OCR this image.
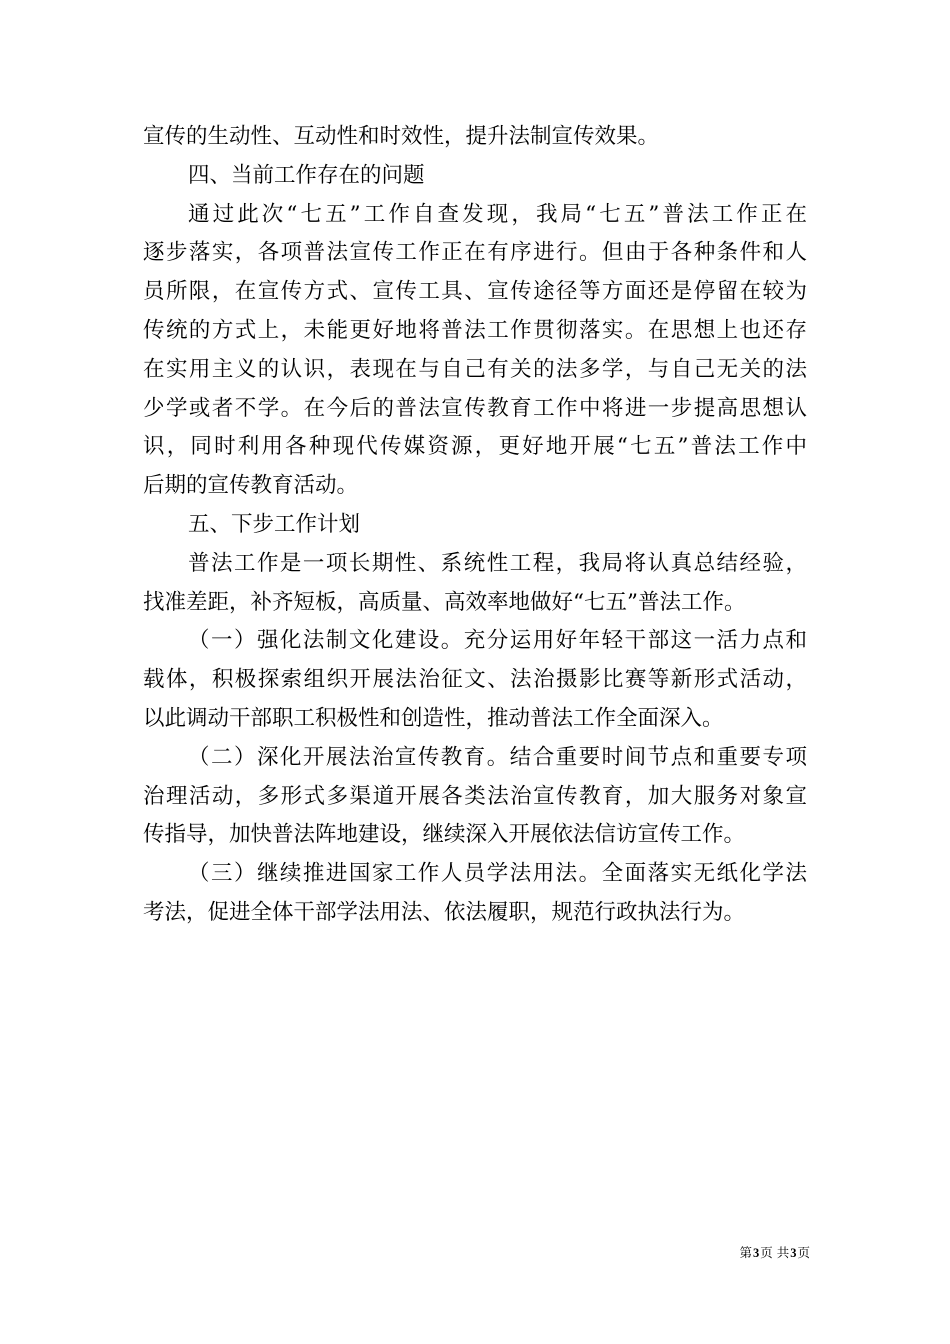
宣传的生动性、互动性和时效性，提升法制宣传效果。

四、当前工作存在的问题

通过此次“七五”工作自查发现，我局“七五”普法工作正在

逐步落实，各项普法宣传工作正在有序进行。但由于各种条件和人

员所限，在宣传方式、宣传工具、宣传途径等方面还是停留在较为

传统的方式上，未能更好地将普法工作贯彻落实。在思想上也还存

在实用主义的认识，表现在与自己有关的法多学，与自己无关的法

少学或者不学。在今后的普法宣传教育工作中将进一步提高思想认

识，同时利用各种现代传媒资源，更好地开展“七五”普法工作中

后期的宣传教育活动。

五、下步工作计划

普法工作是一项长期性、系统性工程，我局将认真总结经验，

找准差距，补齐短板，高质量、高效率地做好“七五”普法工作。

（一）强化法制文化建设。充分运用好年轻干部这一活力点和

载体，积极探索组织开展法治征文、法治摄影比赛等新形式活动，

以此调动干部职工积极性和创造性，推动普法工作全面深入。

（二）深化开展法治宣传教育。结合重要时间节点和重要专项

治理活动，多形式多渠道开展各类法治宣传教育，加大服务对象宣

传指导，加快普法阵地建设，继续深入开展依法信访宣传工作。

（三）继续推进国家工作人员学法用法。全面落实无纸化学法

考法，促进全体干部学法用法、依法履职，规范行政执法行为。

第3页 共3页
